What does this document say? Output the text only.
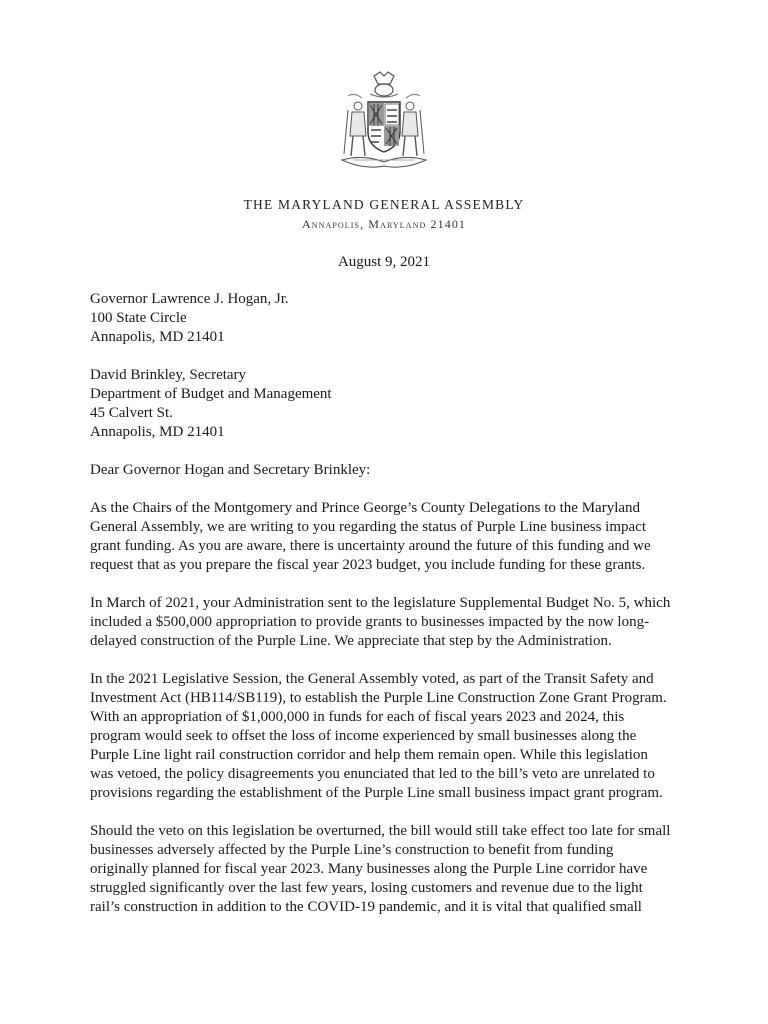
THE MARYLAND GENERAL ASSEMBLY
Annapolis, Maryland 21401
August 9, 2021
Governor Lawrence J. Hogan, Jr.
100 State Circle
Annapolis, MD 21401
David Brinkley, Secretary
Department of Budget and Management
45 Calvert St.
Annapolis, MD 21401
Dear Governor Hogan and Secretary Brinkley:
As the Chairs of the Montgomery and Prince George’s County Delegations to the Maryland
General Assembly, we are writing to you regarding the status of Purple Line business impact
grant funding. As you are aware, there is uncertainty around the future of this funding and we
request that as you prepare the fiscal year 2023 budget, you include funding for these grants.
In March of 2021, your Administration sent to the legislature Supplemental Budget No. 5, which
included a $500,000 appropriation to provide grants to businesses impacted by the now long-
delayed construction of the Purple Line. We appreciate that step by the Administration.
In the 2021 Legislative Session, the General Assembly voted, as part of the Transit Safety and
Investment Act (HB114/SB119), to establish the Purple Line Construction Zone Grant Program.
With an appropriation of $1,000,000 in funds for each of fiscal years 2023 and 2024, this
program would seek to offset the loss of income experienced by small businesses along the
Purple Line light rail construction corridor and help them remain open. While this legislation
was vetoed, the policy disagreements you enunciated that led to the bill’s veto are unrelated to
provisions regarding the establishment of the Purple Line small business impact grant program.
Should the veto on this legislation be overturned, the bill would still take effect too late for small
businesses adversely affected by the Purple Line’s construction to benefit from funding
originally planned for fiscal year 2023. Many businesses along the Purple Line corridor have
struggled significantly over the last few years, losing customers and revenue due to the light
rail’s construction in addition to the COVID-19 pandemic, and it is vital that qualified small
